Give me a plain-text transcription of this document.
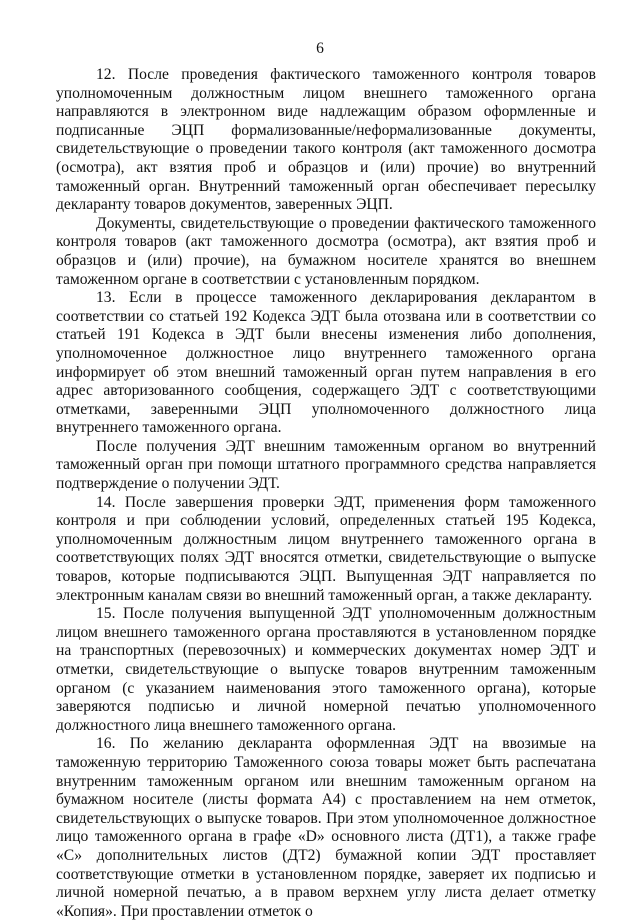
6

12. После проведения фактического таможенного контроля товаров уполномоченным должностным лицом внешнего таможенного органа направляются в электронном виде надлежащим образом оформленные и подписанные ЭЦП формализованные/неформализованные документы, свидетельствующие о проведении такого контроля (акт таможенного досмотра (осмотра), акт взятия проб и образцов и (или) прочие) во внутренний таможенный орган. Внутренний таможенный орган обеспечивает пересылку декларанту товаров документов, заверенных ЭЦП.

Документы, свидетельствующие о проведении фактического таможенного контроля товаров (акт таможенного досмотра (осмотра), акт взятия проб и образцов и (или) прочие), на бумажном носителе хранятся во внешнем таможенном органе в соответствии с установленным порядком.

13. Если в процессе таможенного декларирования декларантом в соответствии со статьей 192 Кодекса ЭДТ была отозвана или в соответствии со статьей 191 Кодекса в ЭДТ были внесены изменения либо дополнения, уполномоченное должностное лицо внутреннего таможенного органа информирует об этом внешний таможенный орган путем направления в его адрес авторизованного сообщения, содержащего ЭДТ с соответствующими отметками, заверенными ЭЦП уполномоченного должностного лица внутреннего таможенного органа.

После получения ЭДТ внешним таможенным органом во внутренний таможенный орган при помощи штатного программного средства направляется подтверждение о получении ЭДТ.

14. После завершения проверки ЭДТ, применения форм таможенного контроля и при соблюдении условий, определенных статьей 195 Кодекса, уполномоченным должностным лицом внутреннего таможенного органа в соответствующих полях ЭДТ вносятся отметки, свидетельствующие о выпуске товаров, которые подписываются ЭЦП. Выпущенная ЭДТ направляется по электронным каналам связи во внешний таможенный орган, а также декларанту.

15. После получения выпущенной ЭДТ уполномоченным должностным лицом внешнего таможенного органа проставляются в установленном порядке на транспортных (перевозочных) и коммерческих документах номер ЭДТ и отметки, свидетельствующие о выпуске товаров внутренним таможенным органом (с указанием наименования этого таможенного органа), которые заверяются подписью и личной номерной печатью уполномоченного должностного лица внешнего таможенного органа.

16. По желанию декларанта оформленная ЭДТ на ввозимые на таможенную территорию Таможенного союза товары может быть распечатана внутренним таможенным органом или внешним таможенным органом на бумажном носителе (листы формата А4) с проставлением на нем отметок, свидетельствующих о выпуске товаров. При этом уполномоченное должностное лицо таможенного органа в графе «D» основного листа (ДТ1), а также графе «С» дополнительных листов (ДТ2) бумажной копии ЭДТ проставляет соответствующие отметки в установленном порядке, заверяет их подписью и личной номерной печатью, а в правом верхнем углу листа делает отметку «Копия». При проставлении отметок о
